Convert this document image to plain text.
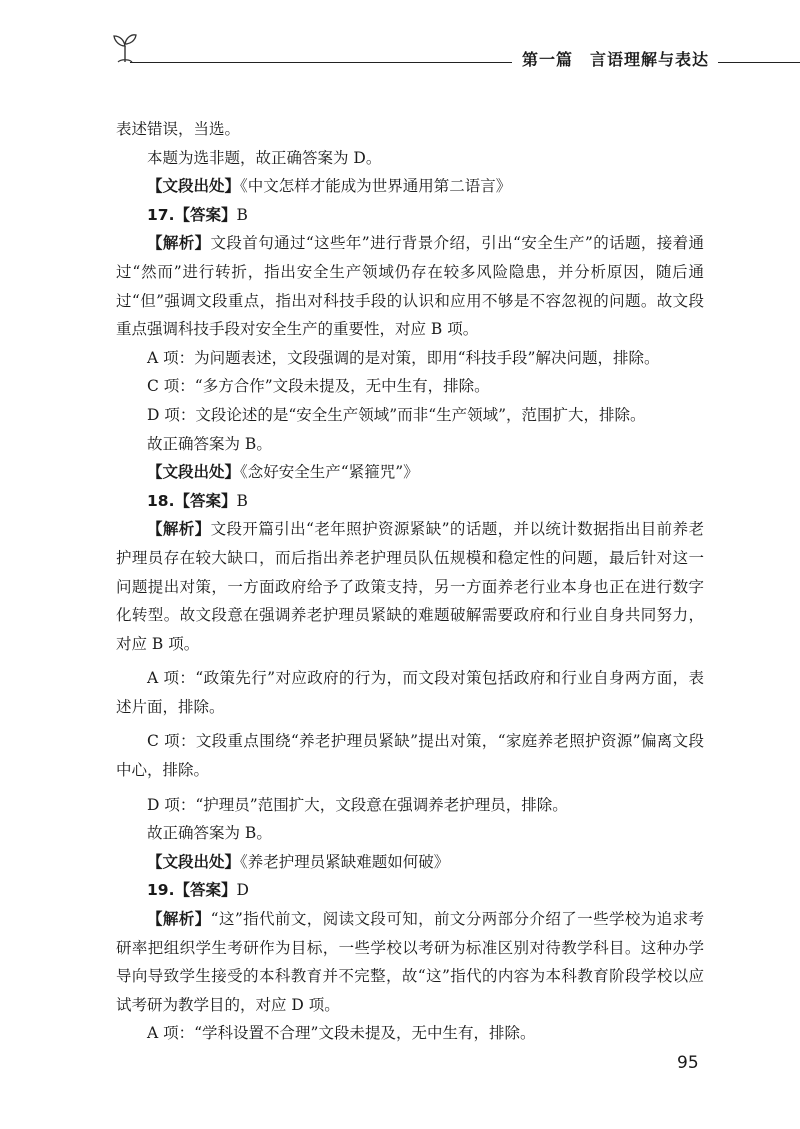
第一篇　言语理解与表达

表述错误，当选。

本题为选非题，故正确答案为 D。

【文段出处】《中文怎样才能成为世界通用第二语言》

17.【答案】B

【解析】文段首句通过“这些年”进行背景介绍，引出“安全生产”的话题，接着通过“然而”进行转折，指出安全生产领域仍存在较多风险隐患，并分析原因，随后通过“但”强调文段重点，指出对科技手段的认识和应用不够是不容忽视的问题。故文段重点强调科技手段对安全生产的重要性，对应 B 项。

A 项：为问题表述，文段强调的是对策，即用“科技手段”解决问题，排除。

C 项：“多方合作”文段未提及，无中生有，排除。

D 项：文段论述的是“安全生产领域”而非“生产领域”，范围扩大，排除。

故正确答案为 B。

【文段出处】《念好安全生产“紧箍咒”》

18.【答案】B

【解析】文段开篇引出“老年照护资源紧缺”的话题，并以统计数据指出目前养老护理员存在较大缺口，而后指出养老护理员队伍规模和稳定性的问题，最后针对这一问题提出对策，一方面政府给予了政策支持，另一方面养老行业本身也正在进行数字化转型。故文段意在强调养老护理员紧缺的难题破解需要政府和行业自身共同努力，对应 B 项。

A 项：“政策先行”对应政府的行为，而文段对策包括政府和行业自身两方面，表述片面，排除。

C 项：文段重点围绕“养老护理员紧缺”提出对策，“家庭养老照护资源”偏离文段中心，排除。

D 项：“护理员”范围扩大，文段意在强调养老护理员，排除。

故正确答案为 B。

【文段出处】《养老护理员紧缺难题如何破》

19.【答案】D

【解析】“这”指代前文，阅读文段可知，前文分两部分介绍了一些学校为追求考研率把组织学生考研作为目标，一些学校以考研为标准区别对待教学科目。这种办学导向导致学生接受的本科教育并不完整，故“这”指代的内容为本科教育阶段学校以应试考研为教学目的，对应 D 项。

A 项：“学科设置不合理”文段未提及，无中生有，排除。

95
